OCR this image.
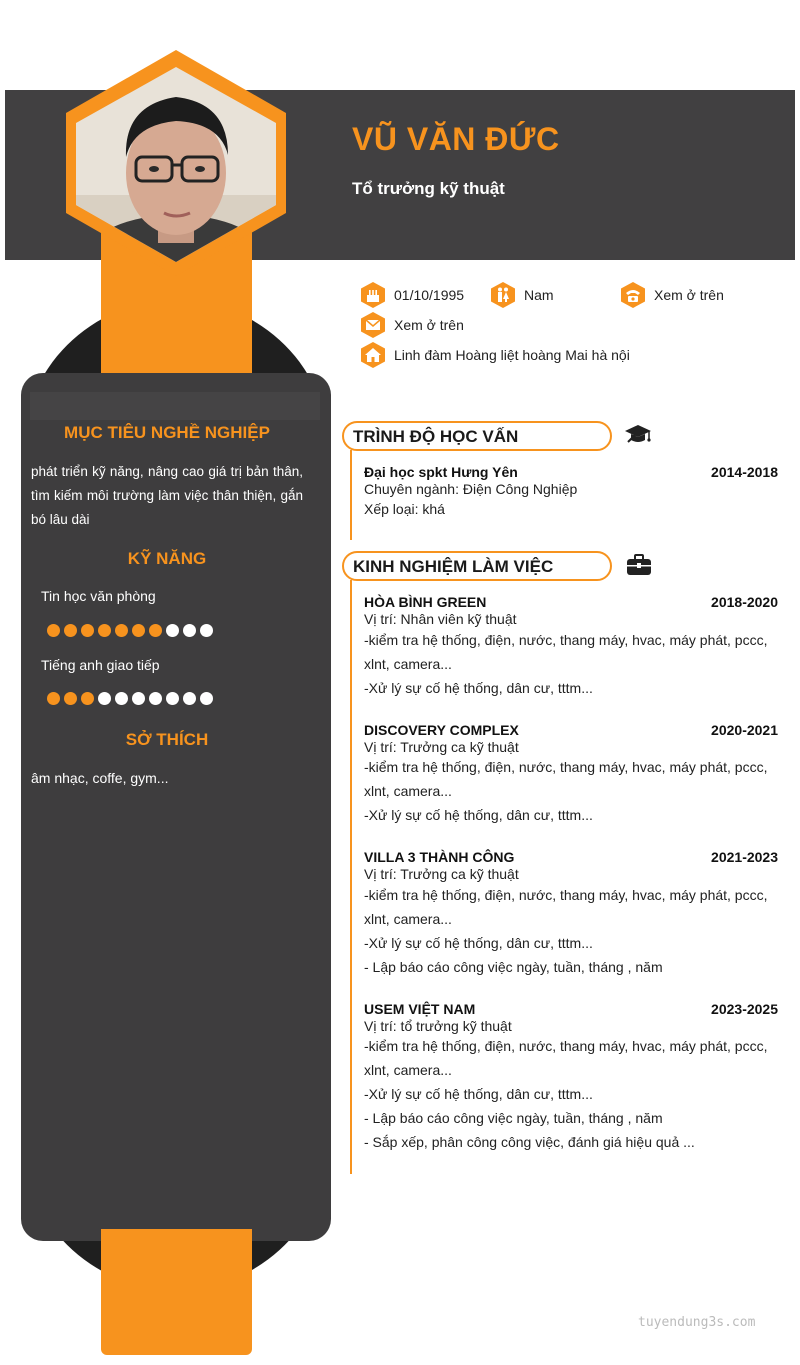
VŨ VĂN ĐỨC
Tổ trưởng kỹ thuật
01/10/1995	Nam	Xem ở trên
Xem ở trên
Linh đàm Hoàng liệt hoàng Mai hà nội
MỤC TIÊU NGHỀ NGHIỆP
phát triển kỹ năng, nâng cao giá trị bản thân, tìm kiếm môi trường làm việc thân thiện, gắn bó lâu dài
KỸ NĂNG
Tin học văn phòng
Tiếng anh giao tiếp
SỞ THÍCH
âm nhạc, coffe, gym...
TRÌNH ĐỘ HỌC VẤN
Đại học spkt Hưng Yên	2014-2018
Chuyên ngành: Điện Công Nghiệp
Xếp loại: khá
KINH NGHIỆM LÀM VIỆC
HÒA BÌNH GREEN	2018-2020
Vị trí: Nhân viên kỹ thuật
-kiểm tra hệ thống, điện, nước, thang máy, hvac, máy phát, pccc,
xlnt, camera...
-Xử lý sự cố hệ thống, dân cư, tttm...
DISCOVERY COMPLEX	2020-2021
Vị trí: Trưởng ca kỹ thuật
-kiểm tra hệ thống, điện, nước, thang máy, hvac, máy phát, pccc,
xlnt, camera...
-Xử lý sự cố hệ thống, dân cư, tttm...
VILLA 3 THÀNH CÔNG	2021-2023
Vị trí: Trưởng ca kỹ thuật
-kiểm tra hệ thống, điện, nước, thang máy, hvac, máy phát, pccc,
xlnt, camera...
-Xử lý sự cố hệ thống, dân cư, tttm...
- Lập báo cáo công việc ngày, tuần, tháng , năm
USEM VIỆT NAM	2023-2025
Vị trí: tổ trưởng kỹ thuật
-kiểm tra hệ thống, điện, nước, thang máy, hvac, máy phát, pccc,
xlnt, camera...
-Xử lý sự cố hệ thống, dân cư, tttm...
- Lập báo cáo công việc ngày, tuần, tháng , năm
- Sắp xếp, phân công công việc, đánh giá hiệu quả ...
tuyendung3s.com
